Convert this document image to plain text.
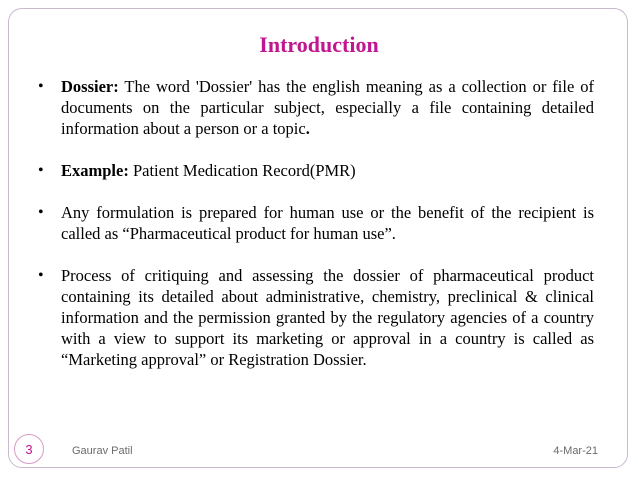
Introduction
• Dossier: The word 'Dossier' has the english meaning as a collection or file of documents on the particular subject, especially a file containing detailed information about a person or a topic.
• Example: Patient Medication Record(PMR)
• Any formulation is prepared for human use or the benefit of the recipient is called as “Pharmaceutical product for human use”.
• Process of critiquing and assessing the dossier of pharmaceutical product containing its detailed about administrative, chemistry, preclinical & clinical information and the permission granted by the regulatory agencies of a country with a view to support its marketing or approval in a country is called as “Marketing approval” or Registration Dossier.
3	Gaurav Patil	4-Mar-21
